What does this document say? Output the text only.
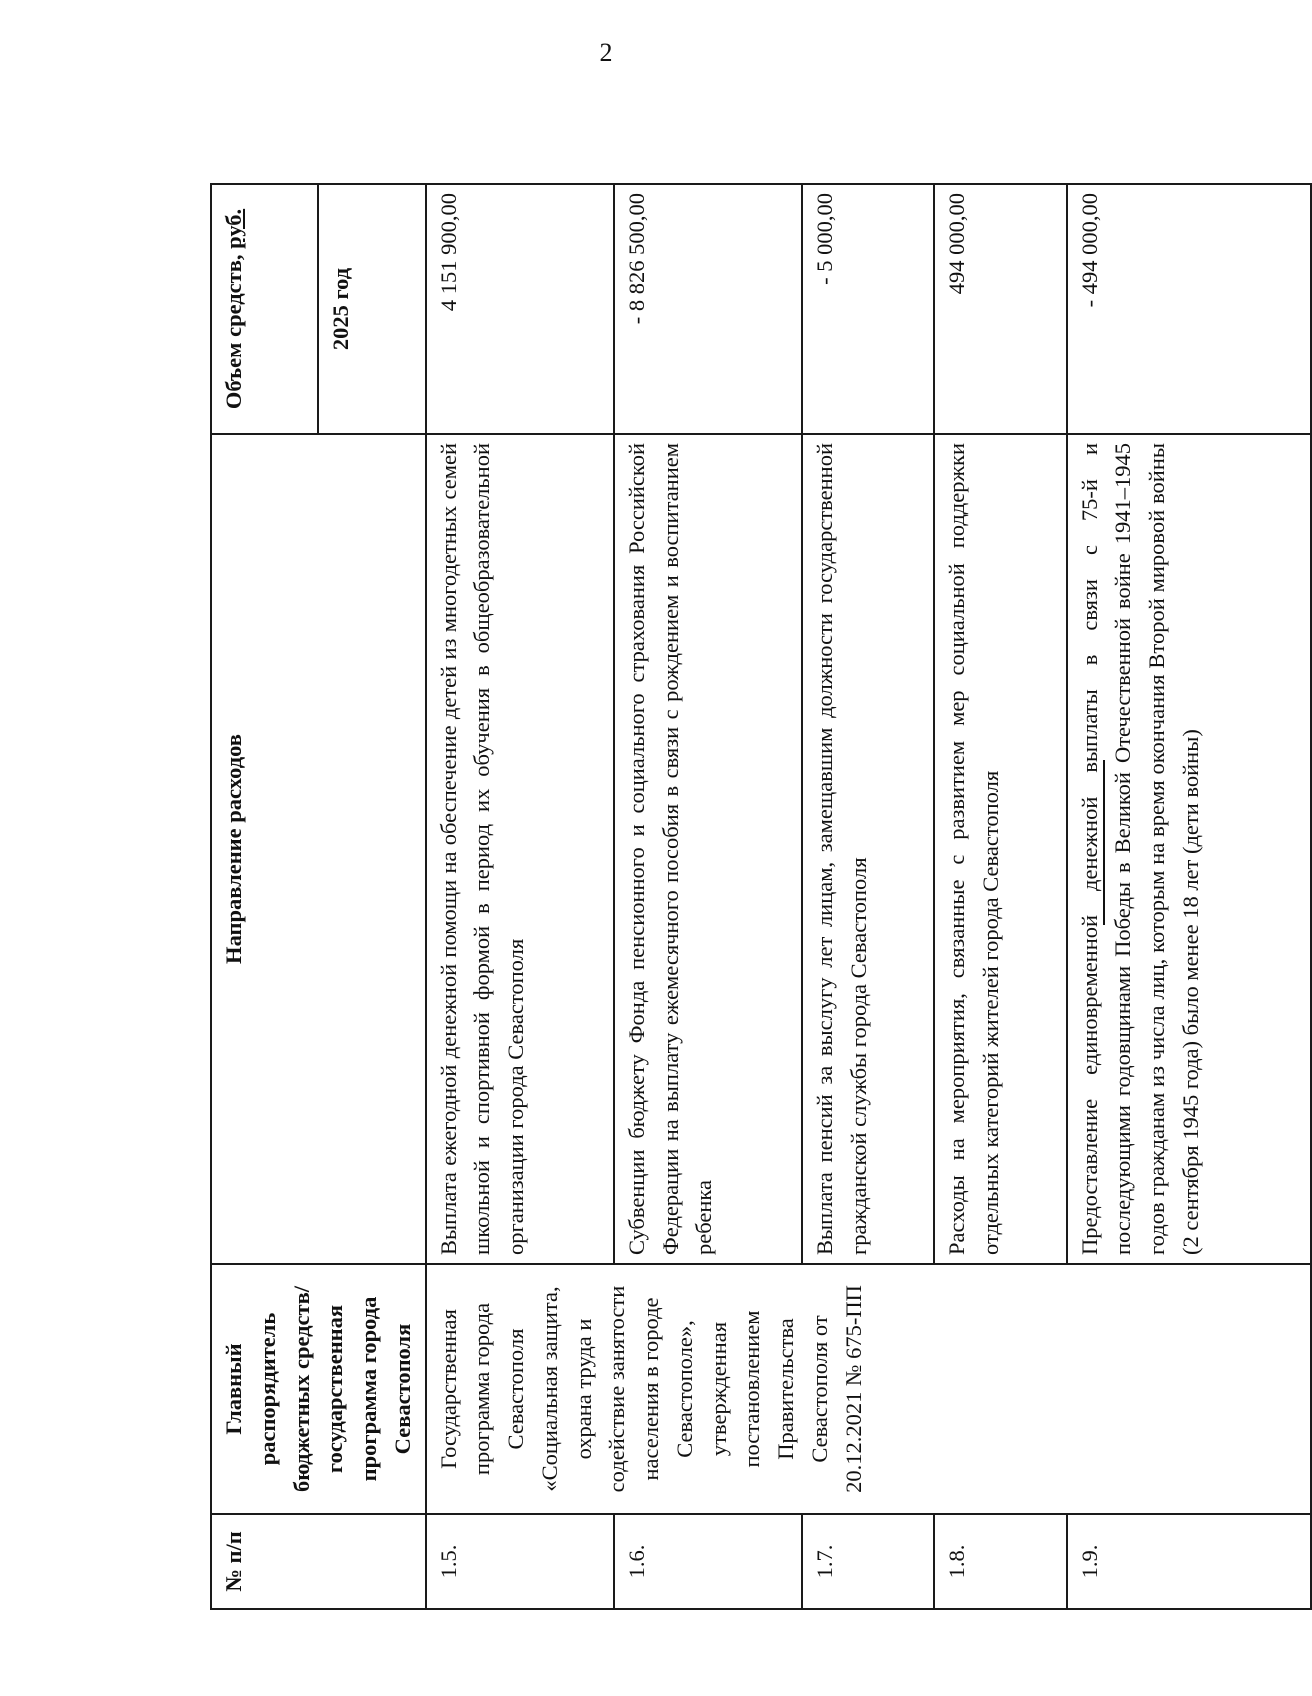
2
№ п/п	Главный распорядитель бюджетных средств/ государственная программа города Севастополя	Направление расходов	Объем средств, руб.
			2025 год
1.5.	Государственная программа города Севастополя «Социальная защита, охрана труда и содействие занятости населения в городе Севастополе», утвержденная постановлением Правительства Севастополя от 20.12.2021 № 675-ПП	Выплата ежегодной денежной помощи на обеспечение детей из многодетных семей школьной и спортивной формой в период их обучения в общеобразовательной организации города Севастополя	4 151 900,00
1.6.		Субвенции бюджету Фонда пенсионного и социального страхования Российской Федерации на выплату ежемесячного пособия в связи с рождением и воспитанием ребенка	- 8 826 500,00
1.7.		Выплата пенсий за выслугу лет лицам, замещавшим должности государственной гражданской службы города Севастополя	- 5 000,00
1.8.		Расходы на мероприятия, связанные с развитием мер социальной поддержки отдельных категорий жителей города Севастополя	494 000,00
1.9.		Предоставление единовременной денежной выплаты в связи с 75-й и последующими годовщинами Победы в Великой Отечественной войне 1941–1945 годов гражданам из числа лиц, которым на время окончания Второй мировой войны (2 сентября 1945 года) было менее 18 лет (дети войны)	- 494 000,00
